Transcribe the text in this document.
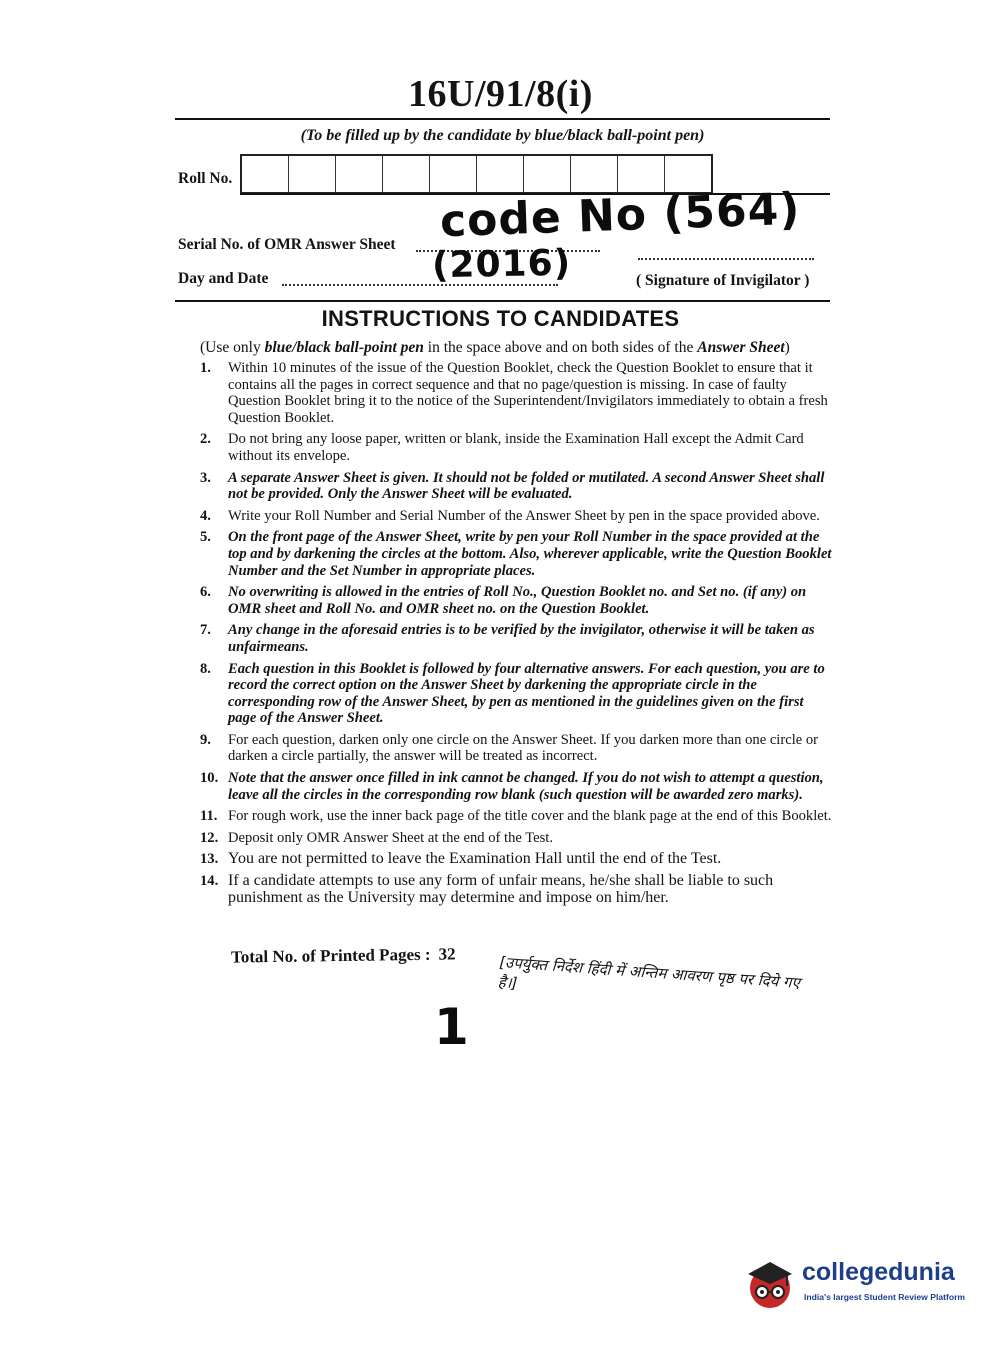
16U/91/8(i)
(To be filled up by the candidate by blue/black ball-point pen)
Roll No.
Serial No. of OMR Answer Sheet
Day and Date	( Signature of Invigilator )
code No (564)
(2016)
INSTRUCTIONS TO CANDIDATES
(Use only blue/black ball-point pen in the space above and on both sides of the Answer Sheet)
1.	Within 10 minutes of the issue of the Question Booklet, check the Question Booklet to ensure that it contains all the pages in correct sequence and that no page/question is missing. In case of faulty Question Booklet bring it to the notice of the Superintendent/Invigilators immediately to obtain a fresh Question Booklet.
2.	Do not bring any loose paper, written or blank, inside the Examination Hall except the Admit Card without its envelope.
3.	A separate Answer Sheet is given. It should not be folded or mutilated. A second Answer Sheet shall not be provided. Only the Answer Sheet will be evaluated.
4.	Write your Roll Number and Serial Number of the Answer Sheet by pen in the space provided above.
5.	On the front page of the Answer Sheet, write by pen your Roll Number in the space provided at the top and by darkening the circles at the bottom. Also, wherever applicable, write the Question Booklet Number and the Set Number in appropriate places.
6.	No overwriting is allowed in the entries of Roll No., Question Booklet no. and Set no. (if any) on OMR sheet and Roll No. and OMR sheet no. on the Question Booklet.
7.	Any change in the aforesaid entries is to be verified by the invigilator, otherwise it will be taken as unfairmeans.
8.	Each question in this Booklet is followed by four alternative answers. For each question, you are to record the correct option on the Answer Sheet by darkening the appropriate circle in the corresponding row of the Answer Sheet, by pen as mentioned in the guidelines given on the first page of the Answer Sheet.
9.	For each question, darken only one circle on the Answer Sheet. If you darken more than one circle or darken a circle partially, the answer will be treated as incorrect.
10. Note that the answer once filled in ink cannot be changed. If you do not wish to attempt a question, leave all the circles in the corresponding row blank (such question will be awarded zero marks).
11. For rough work, use the inner back page of the title cover and the blank page at the end of this Booklet.
12. Deposit only OMR Answer Sheet at the end of the Test.
13. You are not permitted to leave the Examination Hall until the end of the Test.
14. If a candidate attempts to use any form of unfair means, he/she shall be liable to such punishment as the University may determine and impose on him/her.
Total No. of Printed Pages : 32	[उपर्युक्त निर्देश हिंदी में अन्तिम आवरण पृष्ठ पर दिये गए है।]
1
collegedunia
India's largest Student Review Platform
